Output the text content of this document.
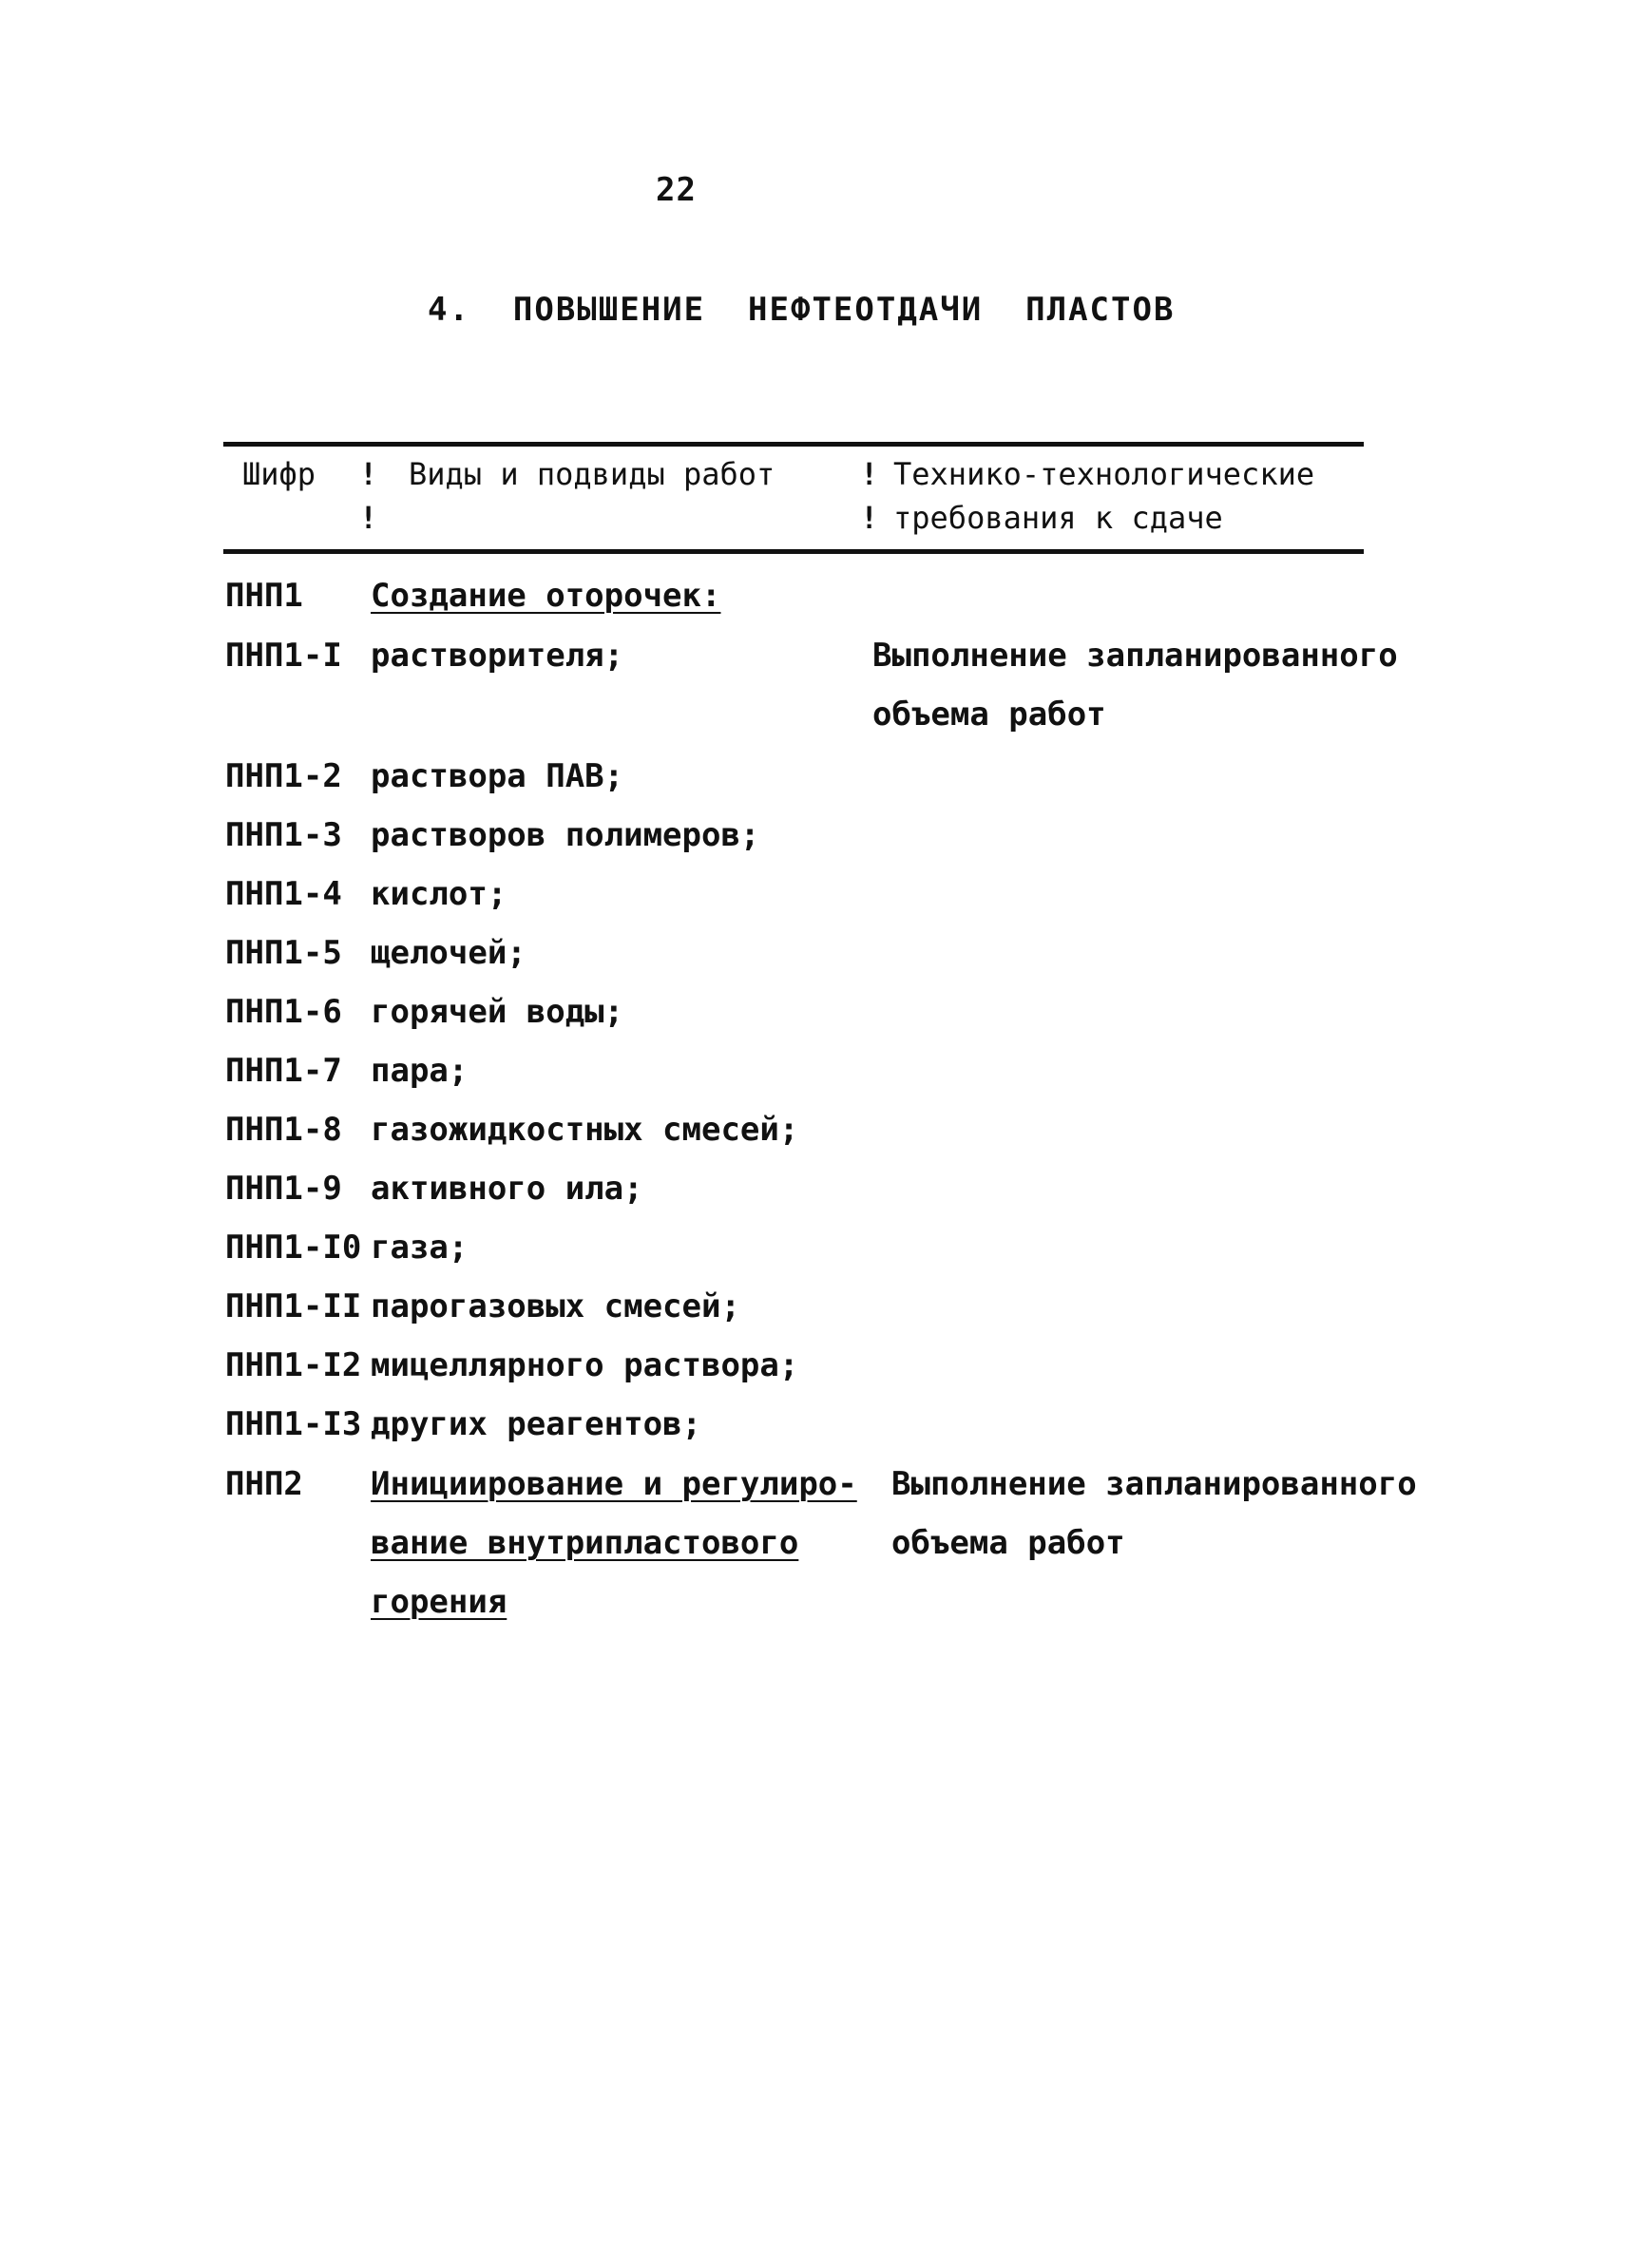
22
4.  ПОВЫШЕНИЕ  НЕФТЕОТДАЧИ  ПЛАСТОВ
Шифр !
!
Виды и подвиды работ	!
!
Технико-технологические
требования к сдаче
ПНП1 Создание оторочек:
ПНП1-I растворителя;	Выполнение запланированного
объема работ
ПНП1-2 раствора ПАВ;
ПНП1-3 растворов полимеров;
ПНП1-4 кислот;
ПНП1-5 щелочей;
ПНП1-6 горячей воды;
ПНП1-7 пара;
ПНП1-8 газожидкостных смесей;
ПНП1-9 активного ила;
ПНП1-I0 газа;
ПНП1-II парогазовых смесей;
ПНП1-I2 мицеллярного раствора;
ПНП1-I3 других реагентов;
ПНП2 Инициирование и регулиро-
вание внутрипластового
горения
Выполнение запланированного
объема работ
